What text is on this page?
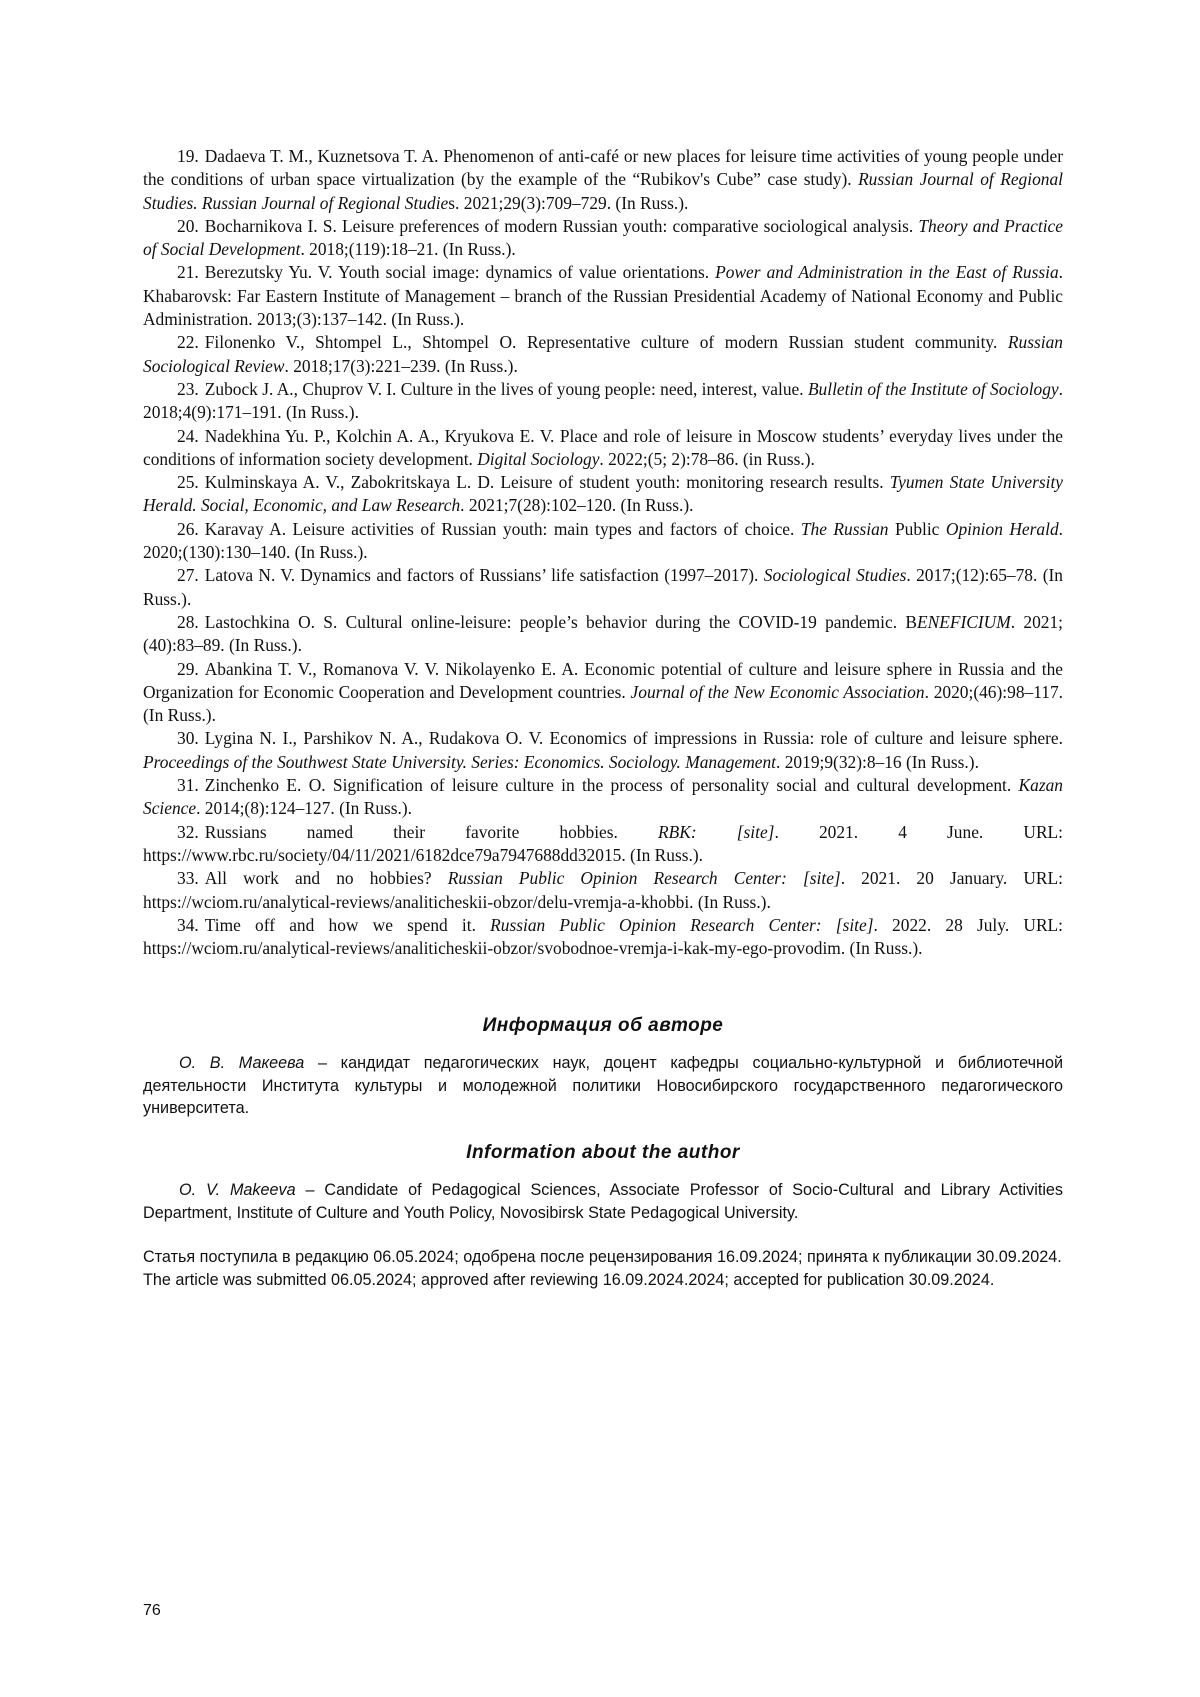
19. Dadaeva T. M., Kuznetsova T. A. Phenomenon of anti-café or new places for leisure time activities of young people under the conditions of urban space virtualization (by the example of the “Rubikov's Cube” case study). Russian Journal of Regional Studies. Russian Journal of Regional Studies. 2021;29(3):709–729. (In Russ.).

20. Bocharnikova I. S. Leisure preferences of modern Russian youth: comparative sociological analysis. Theory and Practice of Social Development. 2018;(119):18–21. (In Russ.).

21. Berezutsky Yu. V. Youth social image: dynamics of value orientations. Power and Administration in the East of Russia. Khabarovsk: Far Eastern Institute of Management – branch of the Russian Presidential Academy of National Economy and Public Administration. 2013;(3):137–142. (In Russ.).

22. Filonenko V., Shtompel L., Shtompel O. Representative culture of modern Russian student community. Russian Sociological Review. 2018;17(3):221–239. (In Russ.).

23. Zubock J. A., Chuprov V. I. Culture in the lives of young people: need, interest, value. Bulletin of the Institute of Sociology. 2018;4(9):171–191. (In Russ.).

24. Nadekhina Yu. P., Kolchin A. A., Kryukova E. V. Place and role of leisure in Moscow students’ everyday lives under the conditions of information society development. Digital Sociology. 2022;(5; 2):78–86. (in Russ.).

25. Kulminskaya A. V., Zabokritskaya L. D. Leisure of student youth: monitoring research results. Tyumen State University Herald. Social, Economic, and Law Research. 2021;7(28):102–120. (In Russ.).

26. Karavay A. Leisure activities of Russian youth: main types and factors of choice. The Russian Public Opinion Herald. 2020;(130):130–140. (In Russ.).

27. Latova N. V. Dynamics and factors of Russians’ life satisfaction (1997–2017). Sociological Studies. 2017;(12):65–78. (In Russ.).

28. Lastochkina O. S. Cultural online-leisure: people’s behavior during the COVID-19 pandemic. BENEFICIUM. 2021;(40):83–89. (In Russ.).

29. Abankina T. V., Romanova V. V. Nikolayenko E. A. Economic potential of culture and leisure sphere in Russia and the Organization for Economic Cooperation and Development countries. Journal of the New Economic Association. 2020;(46):98–117. (In Russ.).

30. Lygina N. I., Parshikov N. A., Rudakova O. V. Economics of impressions in Russia: role of culture and leisure sphere. Proceedings of the Southwest State University. Series: Economics. Sociology. Management. 2019;9(32):8–16 (In Russ.).

31. Zinchenko E. O. Signification of leisure culture in the process of personality social and cultural development. Kazan Science. 2014;(8):124–127. (In Russ.).

32. Russians named their favorite hobbies. RBK: [site]. 2021. 4 June. URL: https://www.rbc.ru/society/04/11/2021/6182dce79a7947688dd32015. (In Russ.).

33. All work and no hobbies? Russian Public Opinion Research Center: [site]. 2021. 20 January. URL: https://wciom.ru/analytical-reviews/analiticheskii-obzor/delu-vremja-a-khobbi. (In Russ.).

34. Time off and how we spend it. Russian Public Opinion Research Center: [site]. 2022. 28 July. URL: https://wciom.ru/analytical-reviews/analiticheskii-obzor/svobodnoe-vremja-i-kak-my-ego-provodim. (In Russ.).

Информация об авторе

О. В. Макеева – кандидат педагогических наук, доцент кафедры социально-культурной и библиотечной деятельности Института культуры и молодежной политики Новосибирского государственного педагогического университета.

Information about the author

O. V. Makeeva – Candidate of Pedagogical Sciences, Associate Professor of Socio-Cultural and Library Activities Department, Institute of Culture and Youth Policy, Novosibirsk State Pedagogical University.

Статья поступила в редакцию 06.05.2024; одобрена после рецензирования 16.09.2024; принята к публикации 30.09.2024.

The article was submitted 06.05.2024; approved after reviewing 16.09.2024.2024; accepted for publication 30.09.2024.

76
